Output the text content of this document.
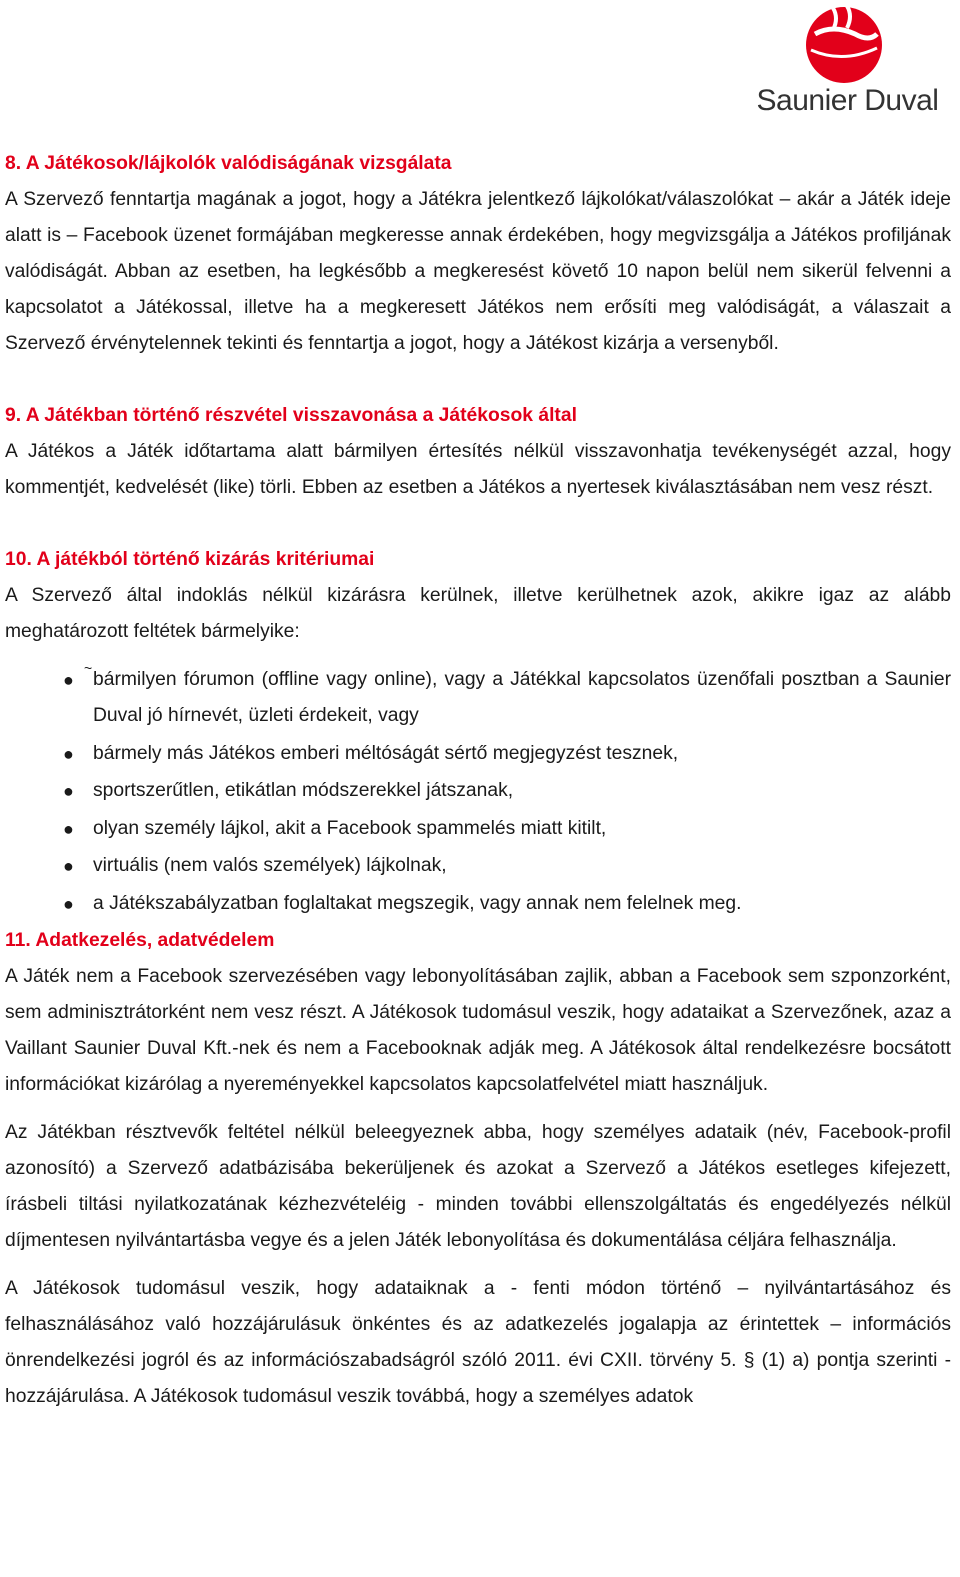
Saunier Duval
8. A Játékosok/lájkolók valódiságának vizsgálata

A Szervező fenntartja magának a jogot, hogy a Játékra jelentkező lájkolókat/válaszolókat – akár a Játék ideje alatt is – Facebook üzenet formájában megkeresse annak érdekében, hogy megvizsgálja a Játékos profiljának valódiságát. Abban az esetben, ha legkésőbb a megkeresést követő 10 napon belül nem sikerül felvenni a kapcsolatot a Játékossal, illetve ha a megkeresett Játékos nem erősíti meg valódiságát, a válaszait a Szervező érvénytelennek tekinti és fenntartja a jogot, hogy a Játékost kizárja a versenyből.

9. A Játékban történő részvétel visszavonása a Játékosok által

A Játékos a Játék időtartama alatt bármilyen értesítés nélkül visszavonhatja tevékenységét azzal, hogy kommentjét, kedvelését (like) törli. Ebben az esetben a Játékos a nyertesek kiválasztásában nem vesz részt.

10. A játékból történő kizárás kritériumai

A Szervező által indoklás nélkül kizárásra kerülnek, illetve kerülhetnek azok, akikre igaz az alább meghatározott feltétek bármelyike:

●
~
bármilyen fórumon (offline vagy online), vagy a Játékkal kapcsolatos üzenőfali posztban a Saunier Duval jó hírnevét, üzleti érdekeit, vagy
● bármely más Játékos emberi méltóságát sértő megjegyzést tesznek,
● sportszerűtlen, etikátlan módszerekkel játszanak,
● olyan személy lájkol, akit a Facebook spammelés miatt kitilt,
● virtuális (nem valós személyek) lájkolnak,
● a Játékszabályzatban foglaltakat megszegik, vagy annak nem felelnek meg.
11. Adatkezelés, adatvédelem

A Játék nem a Facebook szervezésében vagy lebonyolításában zajlik, abban a Facebook sem szponzorként, sem adminisztrátorként nem vesz részt. A Játékosok tudomásul veszik, hogy adataikat a Szervezőnek, azaz a Vaillant Saunier Duval Kft.-nek és nem a Facebooknak adják meg. A Játékosok által rendelkezésre bocsátott információkat kizárólag a nyereményekkel kapcsolatos kapcsolatfelvétel miatt használjuk.

Az Játékban résztvevők feltétel nélkül beleegyeznek abba, hogy személyes adataik (név, Facebook-profil azonosító) a Szervező adatbázisába bekerüljenek és azokat a Szervező a Játékos esetleges kifejezett, írásbeli tiltási nyilatkozatának kézhezvételéig - minden további ellenszolgáltatás és engedélyezés nélkül díjmentesen nyilvántartásba vegye és a jelen Játék lebonyolítása és dokumentálása céljára felhasználja.

A Játékosok tudomásul veszik, hogy adataiknak a - fenti módon történő – nyilvántartásához és felhasználásához való hozzájárulásuk önkéntes és az adatkezelés jogalapja az érintettek – információs önrendelkezési jogról és az információszabadságról szóló 2011. évi CXII. törvény 5. § (1) a) pontja szerinti - hozzájárulása. A Játékosok tudomásul veszik továbbá, hogy a személyes adatok
